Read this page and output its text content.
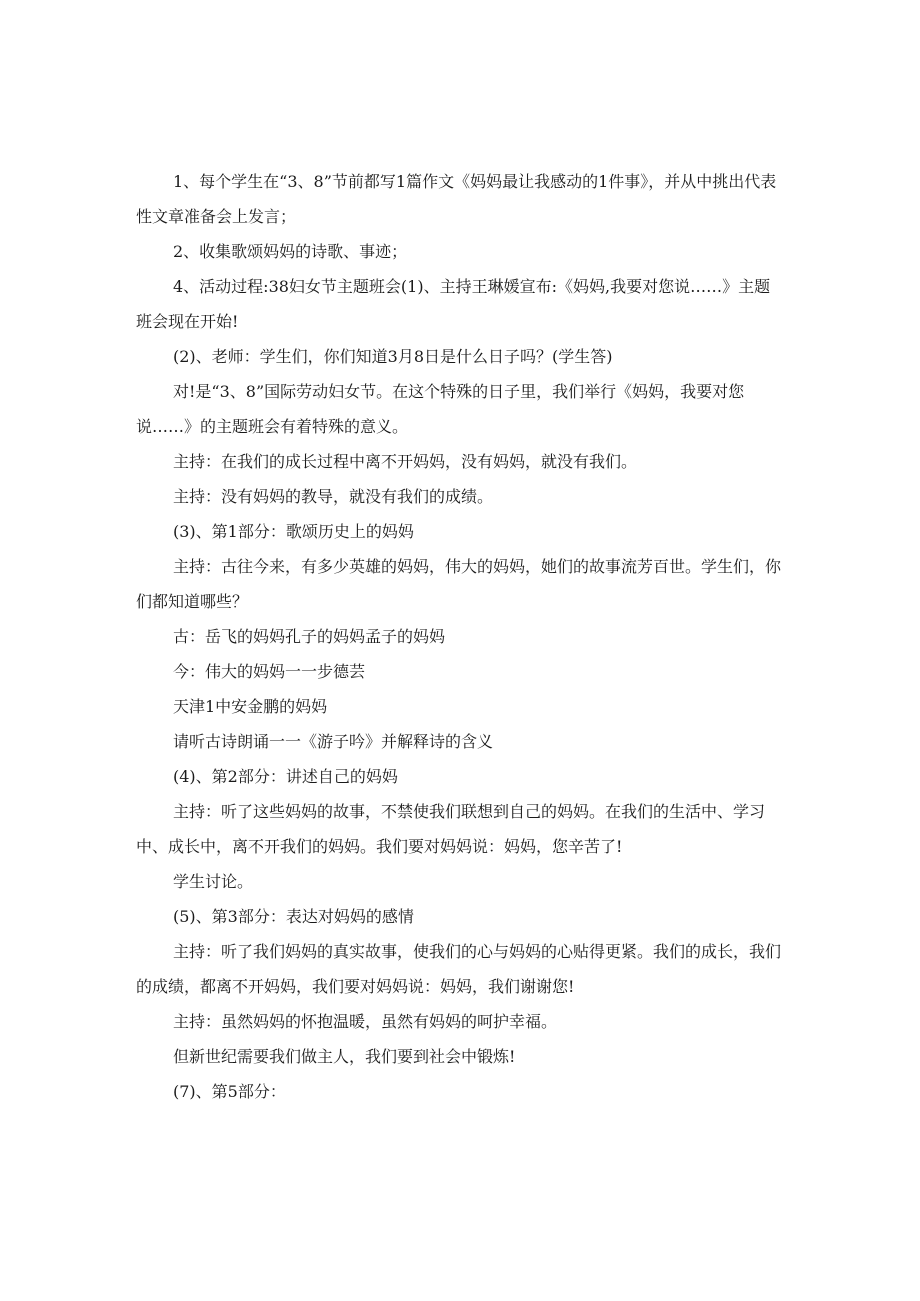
1、每个学生在“3、8”节前都写1篇作文《妈妈最让我感动的1件事》，并从中挑出代表性文章准备会上发言；

2、收集歌颂妈妈的诗歌、事迹；

4、活动过程:38妇女节主题班会(1)、主持王琳媛宣布:《妈妈,我要对您说……》主题班会现在开始!

(2)、老师：学生们，你们知道3月8日是什么日子吗？(学生答)

对!是“3、8”国际劳动妇女节。在这个特殊的日子里，我们举行《妈妈，我要对您说……》的主题班会有着特殊的意义。

主持：在我们的成长过程中离不开妈妈，没有妈妈，就没有我们。

主持：没有妈妈的教导，就没有我们的成绩。

(3)、第1部分：歌颂历史上的妈妈

主持：古往今来，有多少英雄的妈妈，伟大的妈妈，她们的故事流芳百世。学生们，你们都知道哪些？

古：岳飞的妈妈孔子的妈妈孟子的妈妈

今：伟大的妈妈一一步德芸

天津1中安金鹏的妈妈

请听古诗朗诵一一《游子吟》并解释诗的含义

(4)、第2部分：讲述自己的妈妈

主持：听了这些妈妈的故事，不禁使我们联想到自己的妈妈。在我们的生活中、学习中、成长中，离不开我们的妈妈。我们要对妈妈说：妈妈，您辛苦了!

学生讨论。

(5)、第3部分：表达对妈妈的感情

主持：听了我们妈妈的真实故事，使我们的心与妈妈的心贴得更紧。我们的成长，我们的成绩，都离不开妈妈，我们要对妈妈说：妈妈，我们谢谢您!

主持：虽然妈妈的怀抱温暖，虽然有妈妈的呵护幸福。

但新世纪需要我们做主人，我们要到社会中锻炼!

(7)、第5部分：
